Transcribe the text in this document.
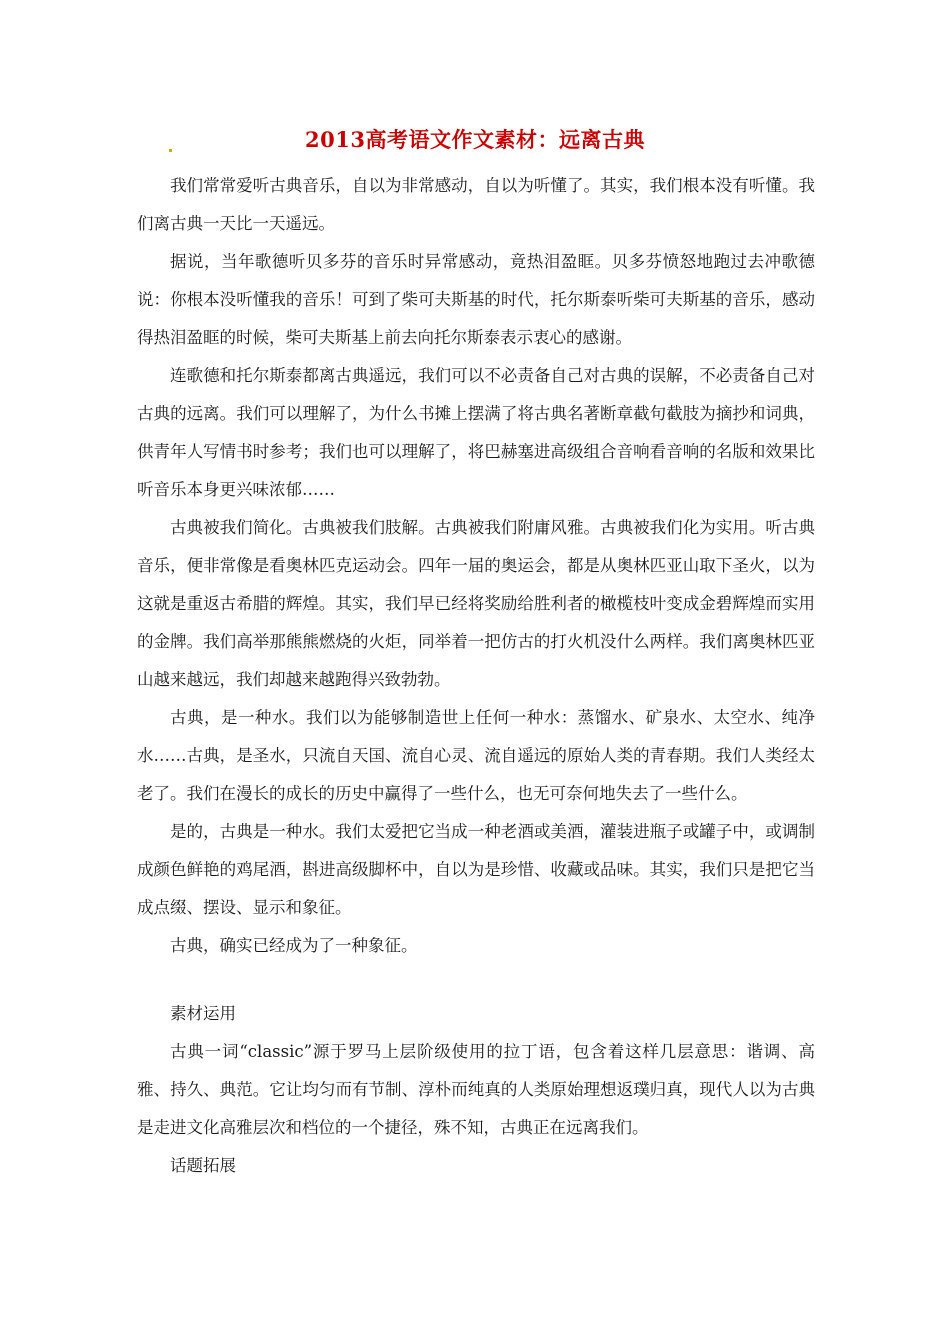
2013高考语文作文素材：远离古典

我们常常爱听古典音乐，自以为非常感动，自以为听懂了。其实，我们根本没有听懂。我们离古典一天比一天遥远。

据说，当年歌德听贝多芬的音乐时异常感动，竟热泪盈眶。贝多芬愤怒地跑过去冲歌德说：你根本没听懂我的音乐！可到了柴可夫斯基的时代，托尔斯泰听柴可夫斯基的音乐，感动得热泪盈眶的时候，柴可夫斯基上前去向托尔斯泰表示衷心的感谢。

连歌德和托尔斯泰都离古典遥远，我们可以不必责备自己对古典的误解，不必责备自己对古典的远离。我们可以理解了，为什么书摊上摆满了将古典名著断章截句截肢为摘抄和词典，供青年人写情书时参考；我们也可以理解了，将巴赫塞进高级组合音响看音响的名版和效果比听音乐本身更兴味浓郁……

古典被我们简化。古典被我们肢解。古典被我们附庸风雅。古典被我们化为实用。听古典音乐，便非常像是看奥林匹克运动会。四年一届的奥运会，都是从奥林匹亚山取下圣火，以为这就是重返古希腊的辉煌。其实，我们早已经将奖励给胜利者的橄榄枝叶变成金碧辉煌而实用的金牌。我们高举那熊熊燃烧的火炬，同举着一把仿古的打火机没什么两样。我们离奥林匹亚山越来越远，我们却越来越跑得兴致勃勃。

古典，是一种水。我们以为能够制造世上任何一种水：蒸馏水、矿泉水、太空水、纯净水……古典，是圣水，只流自天国、流自心灵、流自遥远的原始人类的青春期。我们人类经太老了。我们在漫长的成长的历史中赢得了一些什么，也无可奈何地失去了一些什么。

是的，古典是一种水。我们太爱把它当成一种老酒或美酒，灌装进瓶子或罐子中，或调制成颜色鲜艳的鸡尾酒，斟进高级脚杯中，自以为是珍惜、收藏或品味。其实，我们只是把它当成点缀、摆设、显示和象征。

古典，确实已经成为了一种象征。

素材运用

古典一词“classic”源于罗马上层阶级使用的拉丁语，包含着这样几层意思：谐调、高雅、持久、典范。它让均匀而有节制、淳朴而纯真的人类原始理想返璞归真，现代人以为古典是走进文化高雅层次和档位的一个捷径，殊不知，古典正在远离我们。

话题拓展
